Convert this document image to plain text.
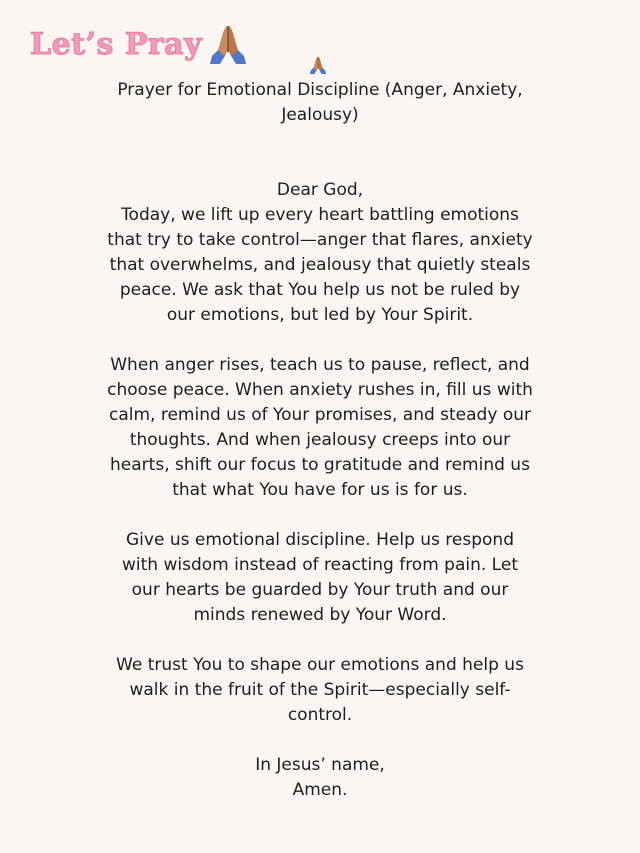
Let’s Pray
Prayer for Emotional Discipline (Anger, Anxiety,
Jealousy)
Dear God,
Today, we lift up every heart battling emotions
that try to take control—anger that flares, anxiety
that overwhelms, and jealousy that quietly steals
peace. We ask that You help us not be ruled by
our emotions, but led by Your Spirit.
When anger rises, teach us to pause, reflect, and
choose peace. When anxiety rushes in, fill us with
calm, remind us of Your promises, and steady our
thoughts. And when jealousy creeps into our
hearts, shift our focus to gratitude and remind us
that what You have for us is for us.
Give us emotional discipline. Help us respond
with wisdom instead of reacting from pain. Let
our hearts be guarded by Your truth and our
minds renewed by Your Word.
We trust You to shape our emotions and help us
walk in the fruit of the Spirit—especially self-
control.
In Jesus’ name,
Amen.
